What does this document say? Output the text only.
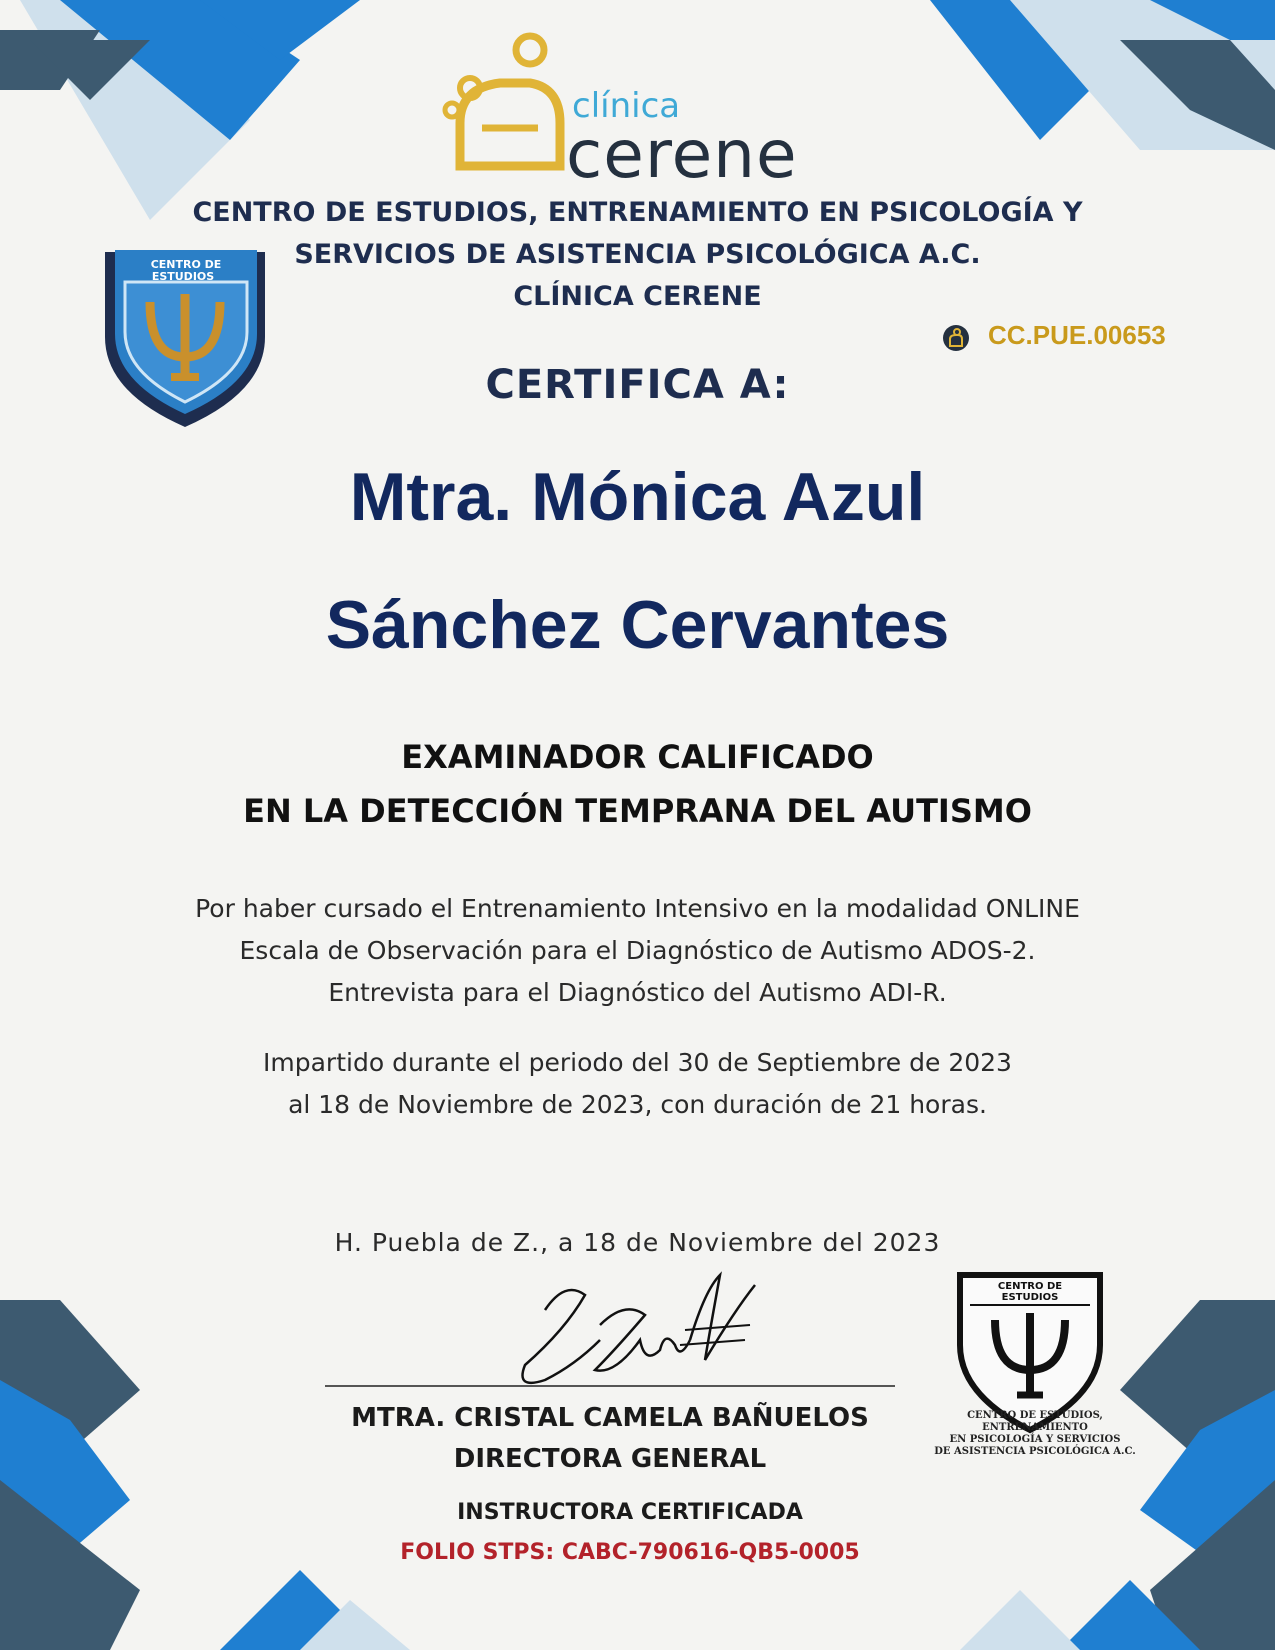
clínica
cerene
CENTRO DE ESTUDIOS, ENTRENAMIENTO EN PSICOLOGÍA Y
SERVICIOS DE ASISTENCIA PSICOLÓGICA A.C.
CLÍNICA CERENE
CENTRO DE
ESTUDIOS
CC.PUE.00653
CERTIFICA A:
Mtra. Mónica Azul
Sánchez Cervantes
EXAMINADOR CALIFICADO
EN LA DETECCIÓN TEMPRANA DEL AUTISMO
Por haber cursado el Entrenamiento Intensivo en la modalidad ONLINE
Escala de Observación para el Diagnóstico de Autismo ADOS-2.
Entrevista para el Diagnóstico del Autismo ADI-R.
Impartido durante el periodo del 30 de Septiembre de 2023
al 18 de Noviembre de 2023, con duración de 21 horas.
H. Puebla de Z., a 18 de Noviembre del 2023
MTRA. CRISTAL CAMELA BAÑUELOS
DIRECTORA GENERAL
INSTRUCTORA CERTIFICADA
FOLIO STPS: CABC-790616-QB5-0005
CENTRO DE
ESTUDIOS
CENTRO DE ESTUDIOS, ENTRENAMIENTO
EN PSICOLOGÍA Y SERVICIOS
DE ASISTENCIA PSICOLÓGICA A.C.
